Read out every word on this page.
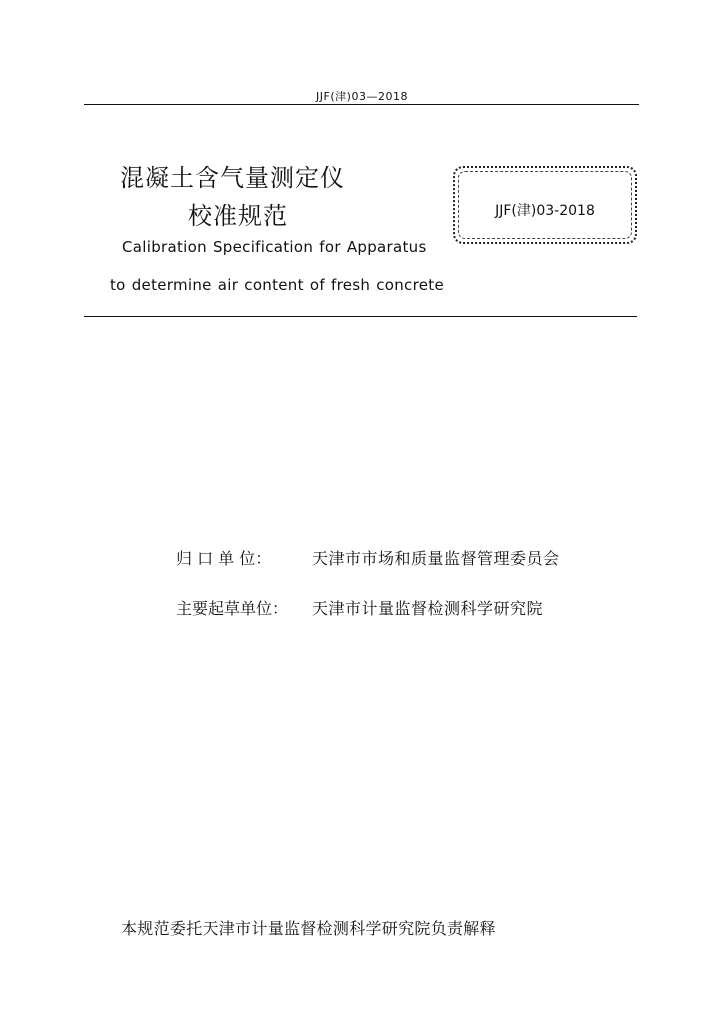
JJF(津)03—2018
混凝土含气量测定仪
校准规范	JJF(津)03-2018
Calibration Specification for Apparatus
to determine air content of fresh concrete
归 口 单 位：	天津市市场和质量监督管理委员会
主要起草单位： 天津市计量监督检测科学研究院
本规范委托天津市计量监督检测科学研究院负责解释
